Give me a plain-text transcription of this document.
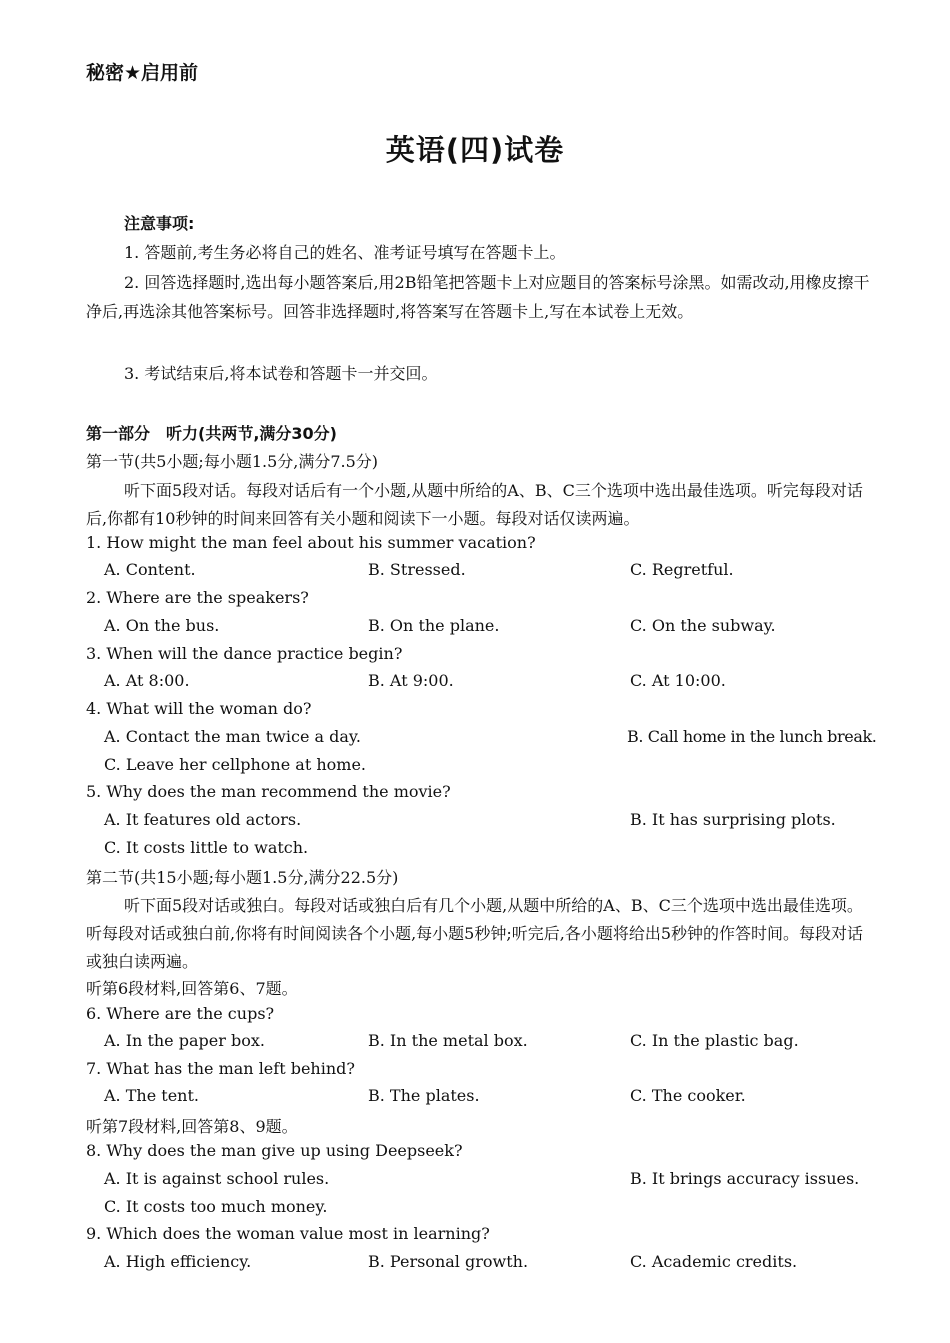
秘密★启用前
英语(四)试卷
注意事项:
1. 答题前,考生务必将自己的姓名、准考证号填写在答题卡上。
2. 回答选择题时,选出每小题答案后,用2B铅笔把答题卡上对应题目的答案标号涂黑。如需改动,用橡皮擦干净后,再选涂其他答案标号。回答非选择题时,将答案写在答题卡上,写在本试卷上无效。
3. 考试结束后,将本试卷和答题卡一并交回。
第一部分　听力(共两节,满分30分)
第一节(共5小题;每小题1.5分,满分7.5分)
听下面5段对话。每段对话后有一个小题,从题中所给的A、B、C三个选项中选出最佳选项。听完每段对话后,你都有10秒钟的时间来回答有关小题和阅读下一小题。每段对话仅读两遍。
1. How might the man feel about his summer vacation?
A. Content.	B. Stressed.	C. Regretful.
2. Where are the speakers?
A. On the bus.	B. On the plane.	C. On the subway.
3. When will the dance practice begin?
A. At 8:00.	B. At 9:00.	C. At 10:00.
4. What will the woman do?
A. Contact the man twice a day.	B. Call home in the lunch break.
C. Leave her cellphone at home.
5. Why does the man recommend the movie?
A. It features old actors.	B. It has surprising plots.
C. It costs little to watch.
第二节(共15小题;每小题1.5分,满分22.5分)
听下面5段对话或独白。每段对话或独白后有几个小题,从题中所给的A、B、C三个选项中选出最佳选项。听每段对话或独白前,你将有时间阅读各个小题,每小题5秒钟;听完后,各小题将给出5秒钟的作答时间。每段对话或独白读两遍。
听第6段材料,回答第6、7题。
6. Where are the cups?
A. In the paper box.	B. In the metal box.	C. In the plastic bag.
7. What has the man left behind?
A. The tent.	B. The plates.	C. The cooker.
听第7段材料,回答第8、9题。
8. Why does the man give up using Deepseek?
A. It is against school rules.	B. It brings accuracy issues.
C. It costs too much money.
9. Which does the woman value most in learning?
A. High efficiency.	B. Personal growth.	C. Academic credits.
